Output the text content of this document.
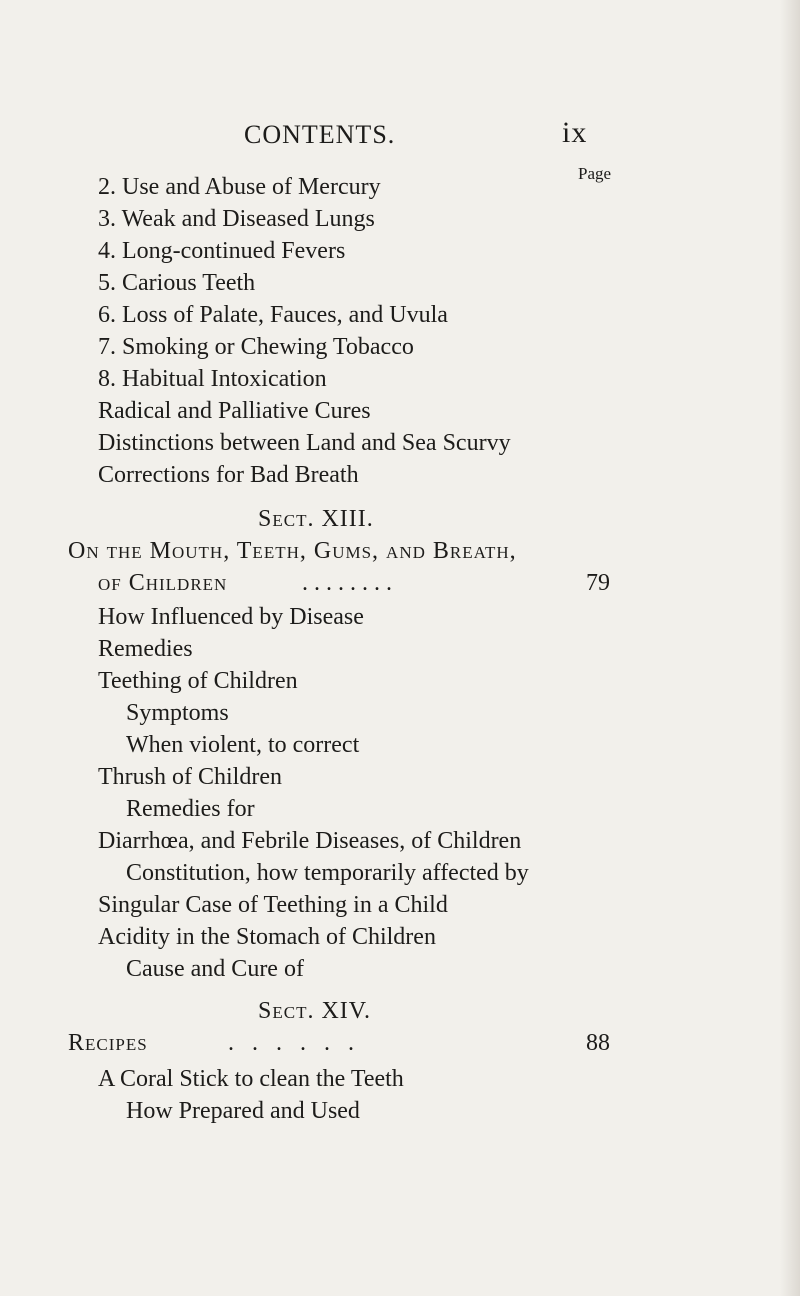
CONTENTS.	ix
Page
2. Use and Abuse of Mercury
3. Weak and Diseased Lungs
4. Long-continued Fevers
5. Carious Teeth
6. Loss of Palate, Fauces, and Uvula
7. Smoking or Chewing Tobacco
8. Habitual Intoxication
Radical and Palliative Cures
Distinctions between Land and Sea Scurvy
Corrections for Bad Breath
Sect. XIII.
On the Mouth, Teeth, Gums, and Breath,
of Children	. . . . . . . .	79
How Influenced by Disease
Remedies
Teething of Children
Symptoms
When violent, to correct
Thrush of Children
Remedies for
Diarrhœa, and Febrile Diseases, of Children
Constitution, how temporarily affected by
Singular Case of Teething in a Child
Acidity in the Stomach of Children
Cause and Cure of
Sect. XIV.
Recipes	.   .   .   .   .   .	88
A Coral Stick to clean the Teeth
How Prepared and Used
